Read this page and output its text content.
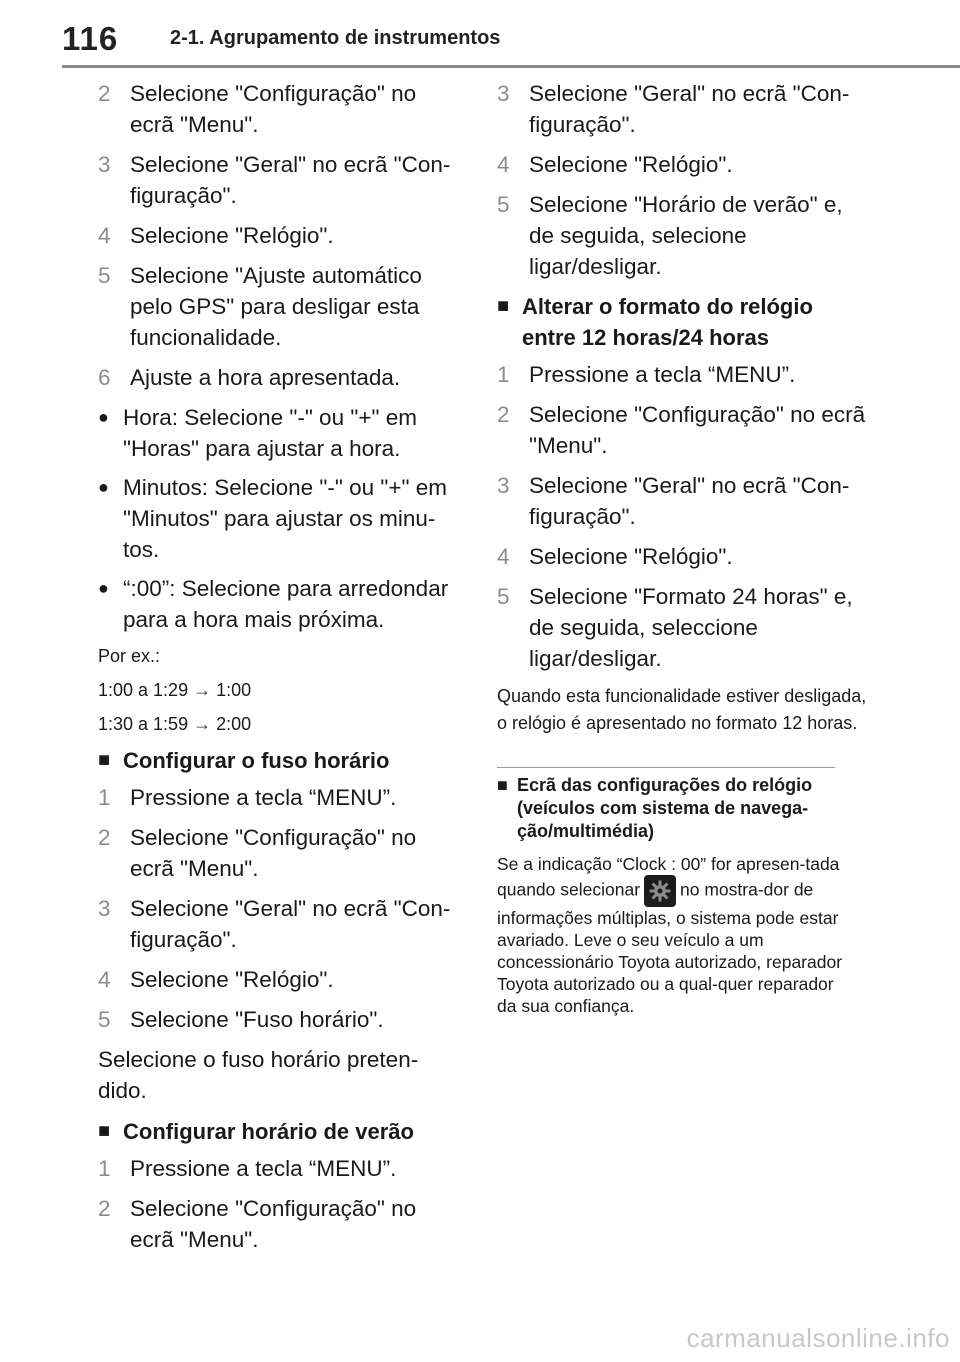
116	2-1. Agrupamento de instrumentos
2 Selecione "Configuração" no ecrã "Menu".
3 Selecione "Geral" no ecrã "Con-figuração".
4 Selecione "Relógio".
5 Selecione "Ajuste automático pelo GPS" para desligar esta funcionalidade.
6 Ajuste a hora apresentada.
● Hora: Selecione "-" ou "+" em "Horas" para ajustar a hora.
● Minutos: Selecione "-" ou "+" em "Minutos" para ajustar os minu-tos.
● “:00”: Selecione para arredondar para a hora mais próxima.
Por ex.:
1:00 a 1:29 → 1:00
1:30 a 1:59 → 2:00
■ Configurar o fuso horário
1 Pressione a tecla “MENU”.
2 Selecione "Configuração" no ecrã "Menu".
3 Selecione "Geral" no ecrã "Con-figuração".
4 Selecione "Relógio".
5 Selecione "Fuso horário".
Selecione o fuso horário preten-dido.
■ Configurar horário de verão
1 Pressione a tecla “MENU”.
2 Selecione "Configuração" no ecrã "Menu".
3 Selecione "Geral" no ecrã "Con-figuração".
4 Selecione "Relógio".
5 Selecione "Horário de verão" e, de seguida, selecione ligar/desligar.
■ Alterar o formato do relógio entre 12 horas/24 horas
1 Pressione a tecla “MENU”.
2 Selecione "Configuração" no ecrã "Menu".
3 Selecione "Geral" no ecrã "Con-figuração".
4 Selecione "Relógio".
5 Selecione "Formato 24 horas" e, de seguida, seleccione ligar/desligar.
Quando esta funcionalidade estiver desligada, o relógio é apresentado no formato 12 horas.
■ Ecrã das configurações do relógio (veículos com sistema de navega-ção/multimédia)
Se a indicação “Clock : 00” for apresen-tada quando selecionar no mostra-dor de informações múltiplas, o sistema pode estar avariado. Leve o seu veículo a um concessionário Toyota autorizado, reparador Toyota autorizado ou a qual-quer reparador da sua confiança.
carmanualsonline.info
